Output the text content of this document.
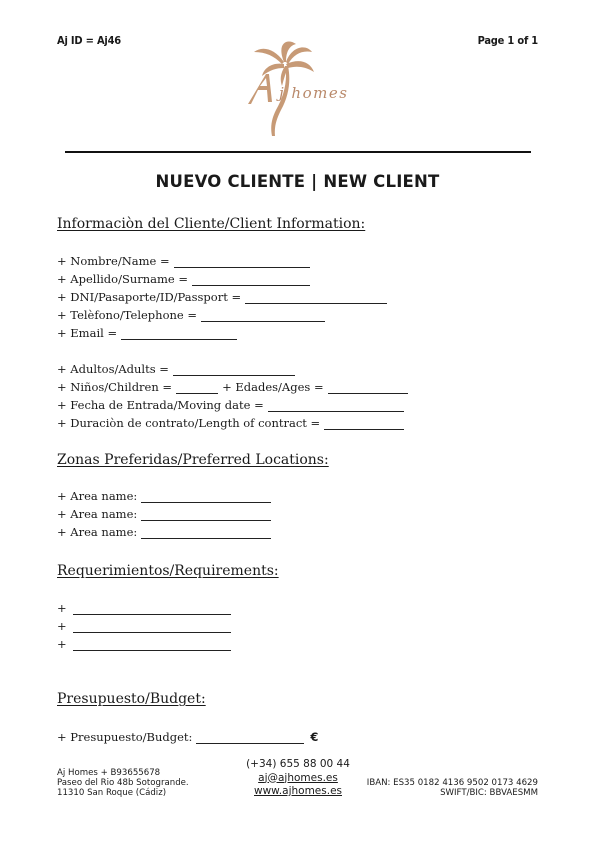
Aj ID = Aj46	Page 1 of 1
j homes
NUEVO CLIENTE | NEW CLIENT
Informaciòn del Cliente/Client Information:
+ Nombre/Name =
+ Apellido/Surname =
+ DNI/Pasaporte/ID/Passport =
+ Telèfono/Telephone =
+ Email =
+ Adultos/Adults =
+ Niños/Children =	+ Edades/Ages =
+ Fecha de Entrada/Moving date =
+ Duraciòn de contrato/Length of contract =
Zonas Preferidas/Preferred Locations:
+ Area name:
+ Area name:
+ Area name:
Requerimientos/Requirements:
+
+
+
Presupuesto/Budget:
+ Presupuesto/Budget:	€
Aj Homes + B93655678
Paseo del Rio 48b Sotogrande.
11310 San Roque (Cádiz)
(+34) 655 88 00 44
aj@ajhomes.es
www.ajhomes.es
IBAN: ES35 0182 4136 9502 0173 4629
SWIFT/BIC: BBVAESMM
